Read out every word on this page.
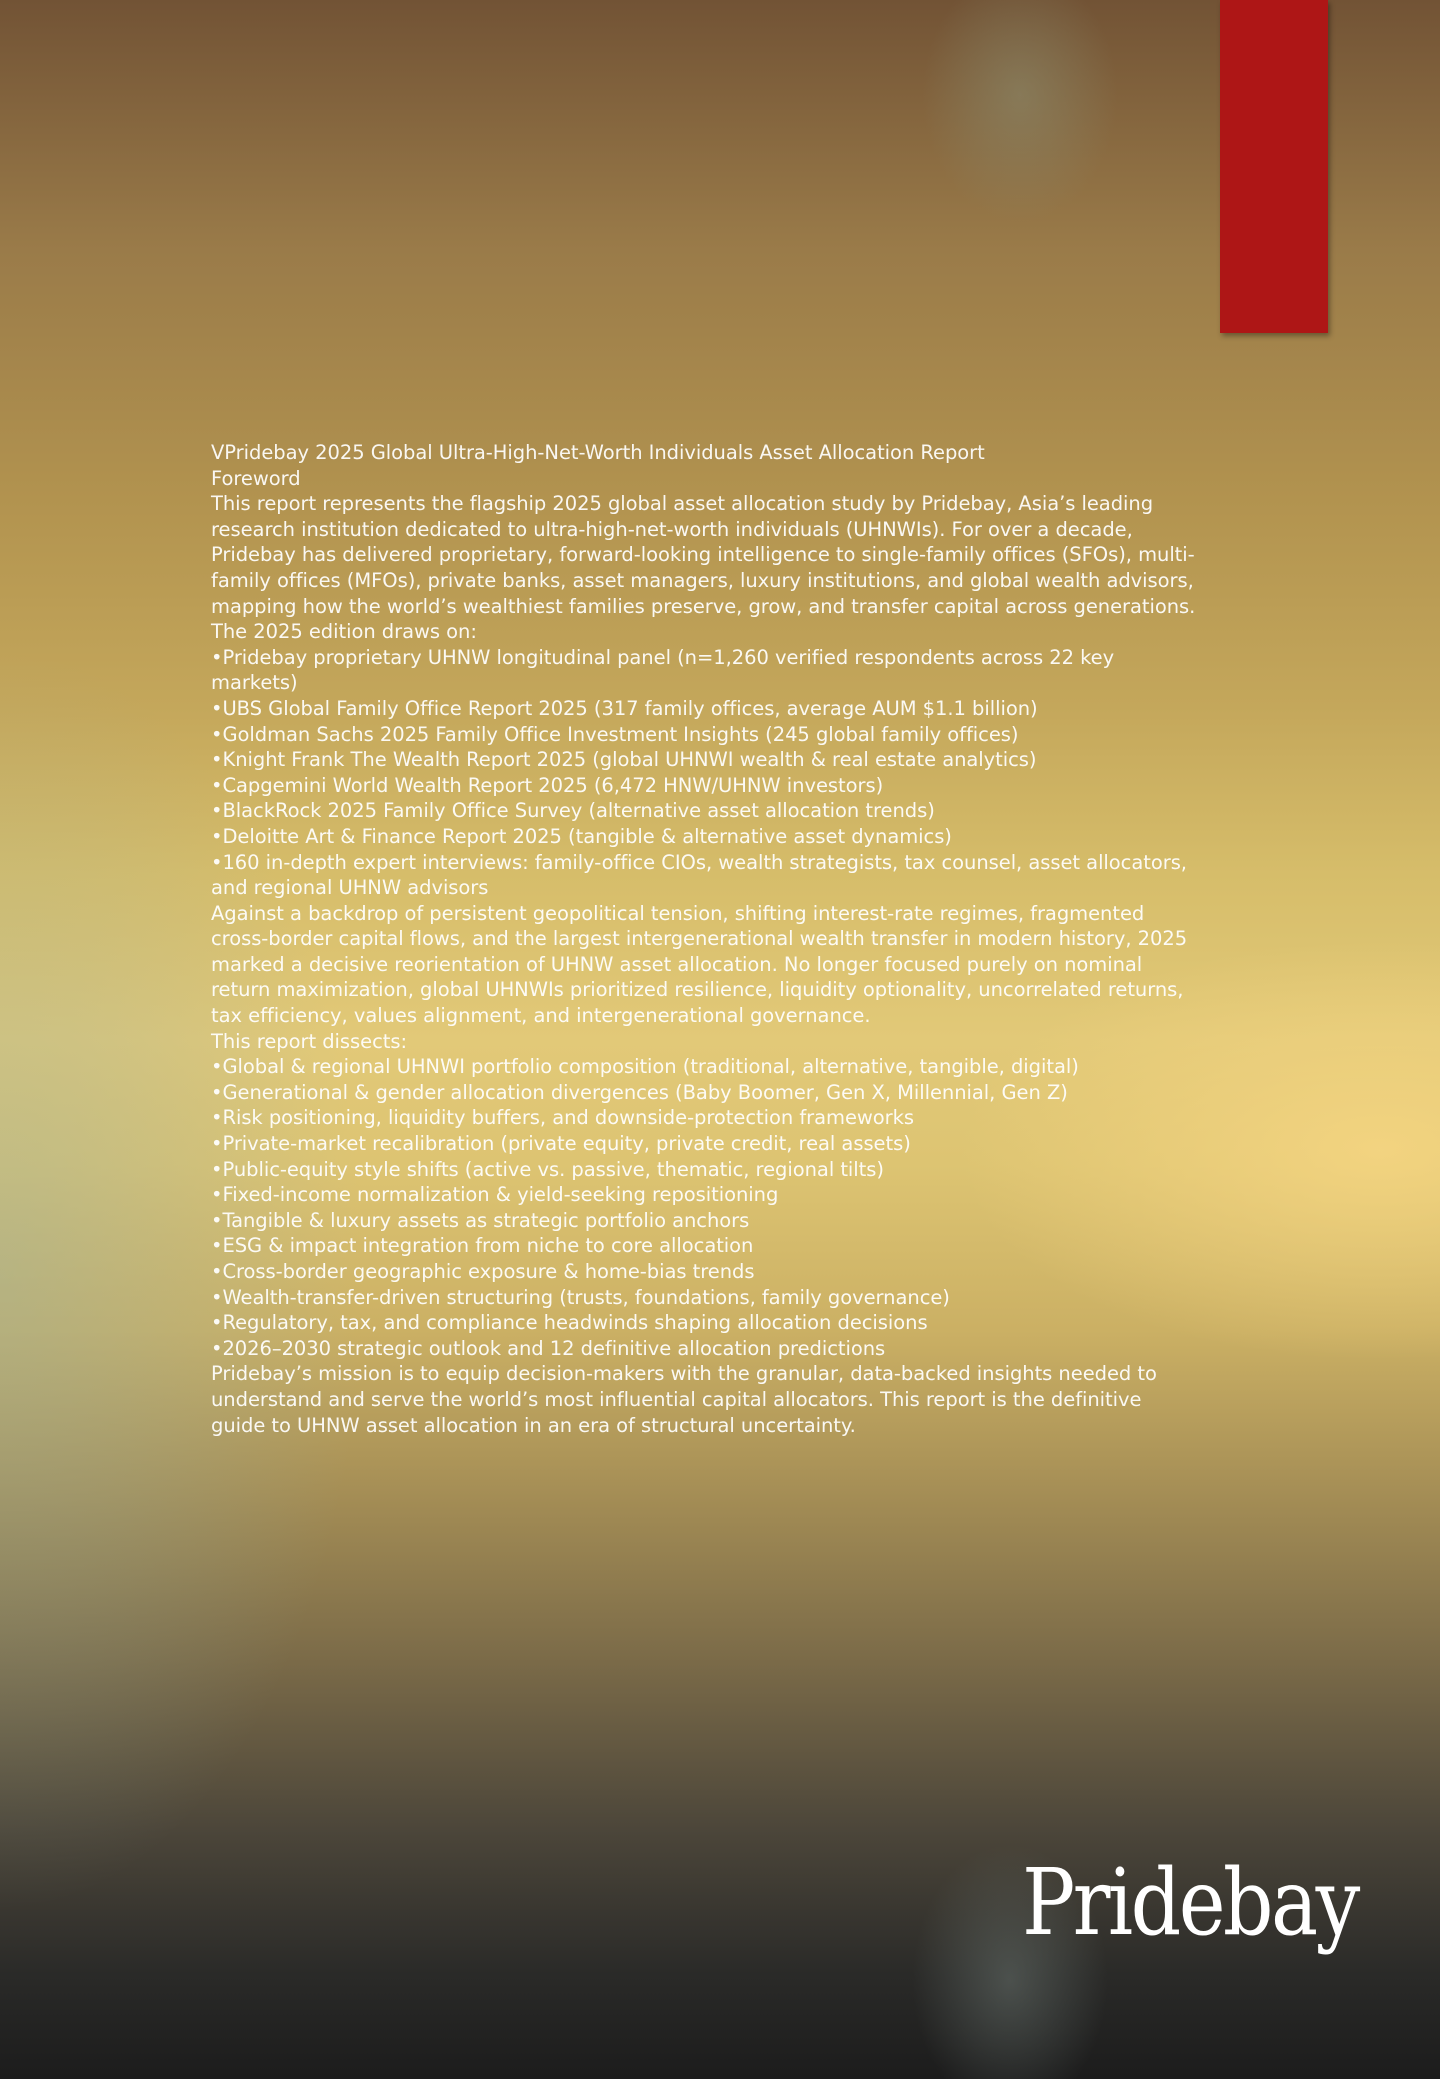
VPridebay 2025 Global Ultra-High-Net-Worth Individuals Asset Allocation Report

Foreword

This report represents the flagship 2025 global asset allocation study by Pridebay, Asia’s leading research institution dedicated to ultra-high-net-worth individuals (UHNWIs). For over a decade, Pridebay has delivered proprietary, forward-looking intelligence to single-family offices (SFOs), multi-family offices (MFOs), private banks, asset managers, luxury institutions, and global wealth advisors, mapping how the world’s wealthiest families preserve, grow, and transfer capital across generations.

The 2025 edition draws on:

•Pridebay proprietary UHNW longitudinal panel (n=1,260 verified respondents across 22 key markets)
•UBS Global Family Office Report 2025 (317 family offices, average AUM $1.1 billion)
•Goldman Sachs 2025 Family Office Investment Insights (245 global family offices)
•Knight Frank The Wealth Report 2025 (global UHNWI wealth & real estate analytics)
•Capgemini World Wealth Report 2025 (6,472 HNW/UHNW investors)
•BlackRock 2025 Family Office Survey (alternative asset allocation trends)
•Deloitte Art & Finance Report 2025 (tangible & alternative asset dynamics)
•160 in-depth expert interviews: family-office CIOs, wealth strategists, tax counsel, asset allocators, and regional UHNW advisors

Against a backdrop of persistent geopolitical tension, shifting interest-rate regimes, fragmented cross-border capital flows, and the largest intergenerational wealth transfer in modern history, 2025 marked a decisive reorientation of UHNW asset allocation. No longer focused purely on nominal return maximization, global UHNWIs prioritized resilience, liquidity optionality, uncorrelated returns, tax efficiency, values alignment, and intergenerational governance.

This report dissects:

•Global & regional UHNWI portfolio composition (traditional, alternative, tangible, digital)
•Generational & gender allocation divergences (Baby Boomer, Gen X, Millennial, Gen Z)
•Risk positioning, liquidity buffers, and downside-protection frameworks
•Private-market recalibration (private equity, private credit, real assets)
•Public-equity style shifts (active vs. passive, thematic, regional tilts)
•Fixed-income normalization & yield-seeking repositioning
•Tangible & luxury assets as strategic portfolio anchors
•ESG & impact integration from niche to core allocation
•Cross-border geographic exposure & home-bias trends
•Wealth-transfer-driven structuring (trusts, foundations, family governance)
•Regulatory, tax, and compliance headwinds shaping allocation decisions
•2026–2030 strategic outlook and 12 definitive allocation predictions

Pridebay’s mission is to equip decision-makers with the granular, data-backed insights needed to understand and serve the world’s most influential capital allocators. This report is the definitive guide to UHNW asset allocation in an era of structural uncertainty.

Pridebay
